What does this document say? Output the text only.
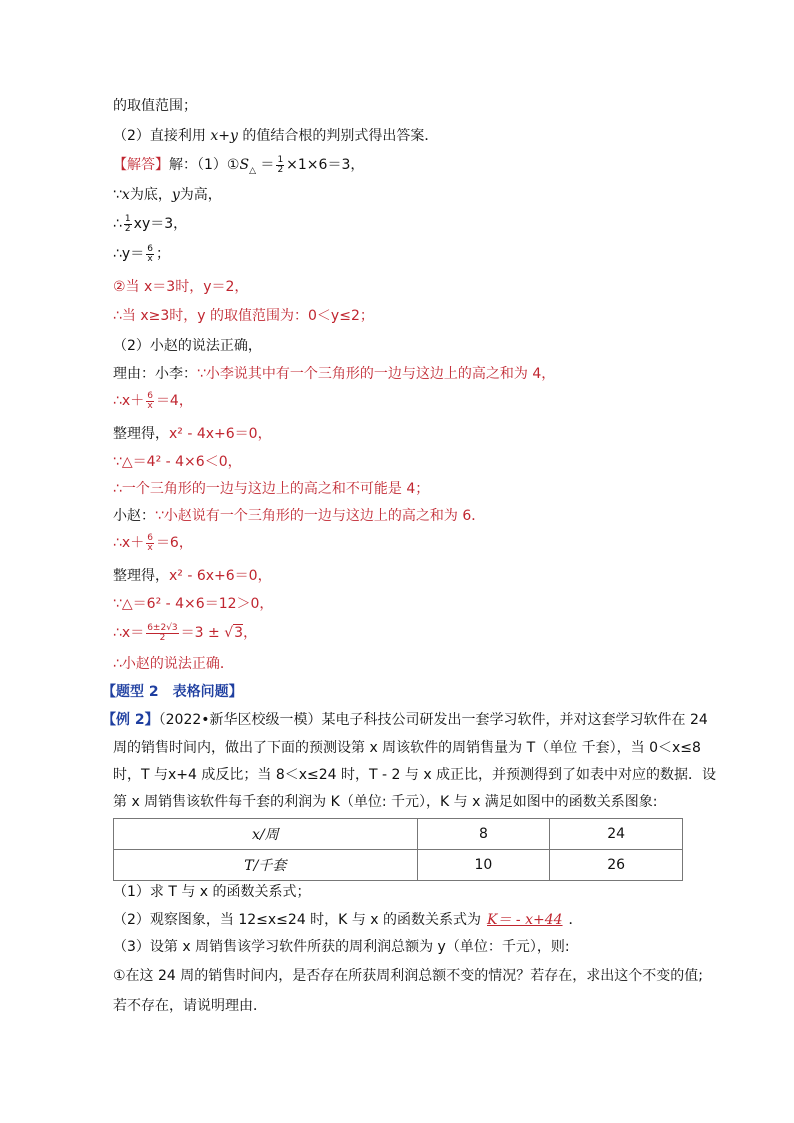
的取值范围；
（2）直接利用 x+y 的值结合根的判别式得出答案．
【解答】解：$(1)①S_\triangle = \frac{1}{2} \times 1\times 6=3$，
∵x为底，y为高，
∴ $\frac{1}{2} xy=3$，
∴y＝ $\frac{6}{x}$ ；
②当 x＝3时，y＝2，
∴当 x≥3时，y 的取值范围为：0＜y≤2；
（2）小赵的说法正确，
理由：小李：∵小李说其中有一个三角形的一边与这边上的高之和为 4，
∴x＋ $\frac{6}{x} =4$，
整理得，x² - 4x+6＝0，
∵△＝4² - 4×6＜0，
∴一个三角形的一边与这边上的高之和不可能是 4；
小赵：∵小赵说有一个三角形的一边与这边上的高之和为 6．
∴x＋ $\frac{6}{x} =6$，
整理得，x² - 6x+6＝0，
∵△＝6² - 4×6＝12＞0，
∴x＝ $\frac{6\pm 2√3}{2} =3 \pm √3$，
∴小赵的说法正确．
【题型 2　表格问题】
【例 2】（2022•新华区校级一模）某电子科技公司研发出一套学习软件，并对这套学习软件在 24
周的销售时间内，做出了下面的预测设第 x 周该软件的周销售量为 T（单位 千套），当 0＜x≤8
时，T 与x+4 成反比；当 8＜x≤24 时，T - 2 与 x 成正比，并预测得到了如表中对应的数据．设
第 x 周销售该软件每千套的利润为 K（单位: 千元），K 与 x 满足如图中的函数关系图象:
x/周	8	24
T/千套	10	26
（1）求 T 与 x 的函数关系式；
（2）观察图象，当 12≤x≤24 时，K 与 x 的函数关系式为 K＝ - x+44 ．
（3）设第 x 周销售该学习软件所获的周利润总额为 y（单位：千元），则:
①在这 24 周的销售时间内，是否存在所获周利润总额不变的情况？若存在，求出这个不变的值;
若不存在，请说明理由．
